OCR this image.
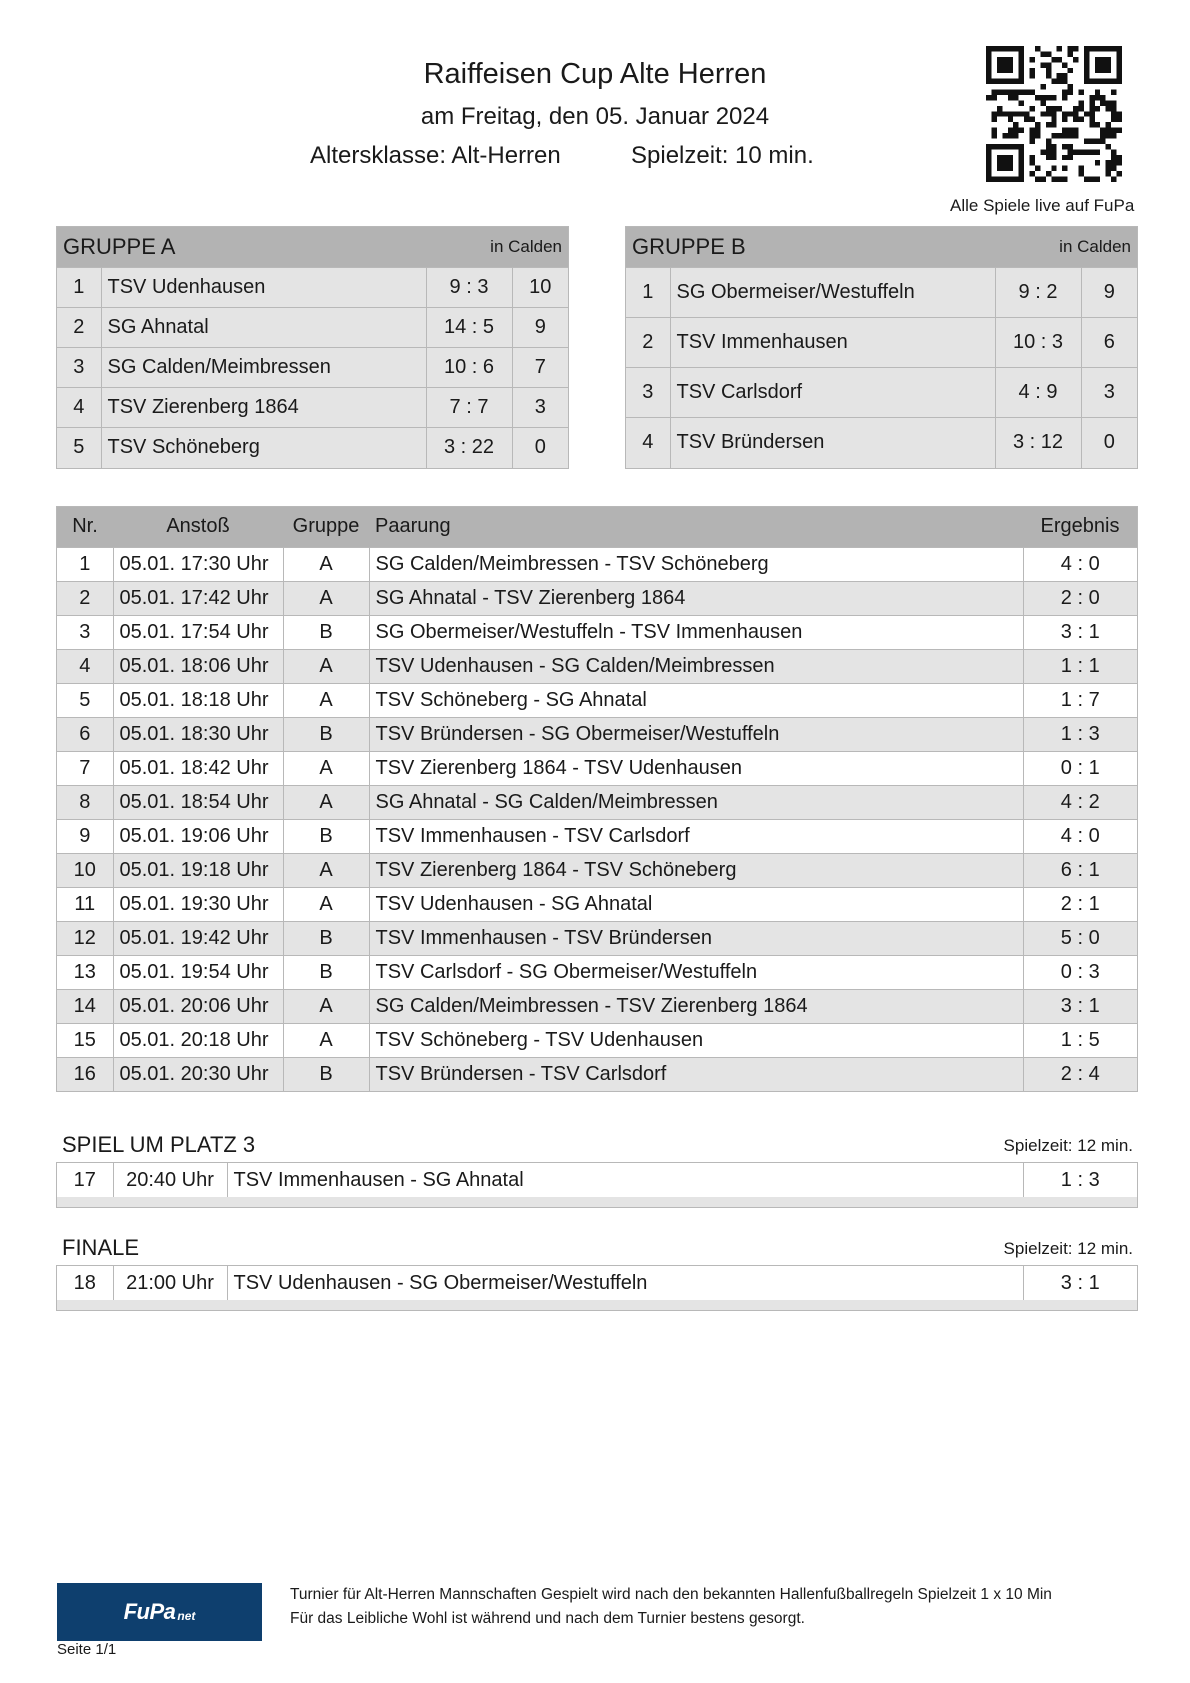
Raiffeisen Cup Alte Herren
am Freitag, den 05. Januar 2024
Altersklasse: Alt-Herren	Spielzeit: 10 min.
Alle Spiele live auf FuPa
GRUPPE A	in Calden
1	TSV Udenhausen	9 : 3	10
2	SG Ahnatal	14 : 5	9
3	SG Calden/Meimbressen	10 : 6	7
4	TSV Zierenberg 1864	7 : 7	3
5	TSV Schöneberg	3 : 22	0
GRUPPE B	in Calden
1	SG Obermeiser/Westuffeln	9 : 2	9
2	TSV Immenhausen	10 : 3	6
3	TSV Carlsdorf	4 : 9	3
4	TSV Bründersen	3 : 12	0
Nr.	Anstoß	Gruppe	Paarung	Ergebnis
1	05.01. 17:30 Uhr	A	SG Calden/Meimbressen - TSV Schöneberg	4 : 0
2	05.01. 17:42 Uhr	A	SG Ahnatal - TSV Zierenberg 1864	2 : 0
3	05.01. 17:54 Uhr	B	SG Obermeiser/Westuffeln - TSV Immenhausen	3 : 1
4	05.01. 18:06 Uhr	A	TSV Udenhausen - SG Calden/Meimbressen	1 : 1
5	05.01. 18:18 Uhr	A	TSV Schöneberg - SG Ahnatal	1 : 7
6	05.01. 18:30 Uhr	B	TSV Bründersen - SG Obermeiser/Westuffeln	1 : 3
7	05.01. 18:42 Uhr	A	TSV Zierenberg 1864 - TSV Udenhausen	0 : 1
8	05.01. 18:54 Uhr	A	SG Ahnatal - SG Calden/Meimbressen	4 : 2
9	05.01. 19:06 Uhr	B	TSV Immenhausen - TSV Carlsdorf	4 : 0
10	05.01. 19:18 Uhr	A	TSV Zierenberg 1864 - TSV Schöneberg	6 : 1
11	05.01. 19:30 Uhr	A	TSV Udenhausen - SG Ahnatal	2 : 1
12	05.01. 19:42 Uhr	B	TSV Immenhausen - TSV Bründersen	5 : 0
13	05.01. 19:54 Uhr	B	TSV Carlsdorf - SG Obermeiser/Westuffeln	0 : 3
14	05.01. 20:06 Uhr	A	SG Calden/Meimbressen - TSV Zierenberg 1864	3 : 1
15	05.01. 20:18 Uhr	A	TSV Schöneberg - TSV Udenhausen	1 : 5
16	05.01. 20:30 Uhr	B	TSV Bründersen - TSV Carlsdorf	2 : 4
SPIEL UM PLATZ 3	Spielzeit: 12 min.
17	20:40 Uhr	TSV Immenhausen - SG Ahnatal	1 : 3
FINALE	Spielzeit: 12 min.
18	21:00 Uhr	TSV Udenhausen - SG Obermeiser/Westuffeln	3 : 1
FuPa net
Seite 1/1
Turnier für Alt-Herren Mannschaften Gespielt wird nach den bekannten Hallenfußballregeln Spielzeit 1 x 10 Min
Für das Leibliche Wohl ist während und nach dem Turnier bestens gesorgt.
